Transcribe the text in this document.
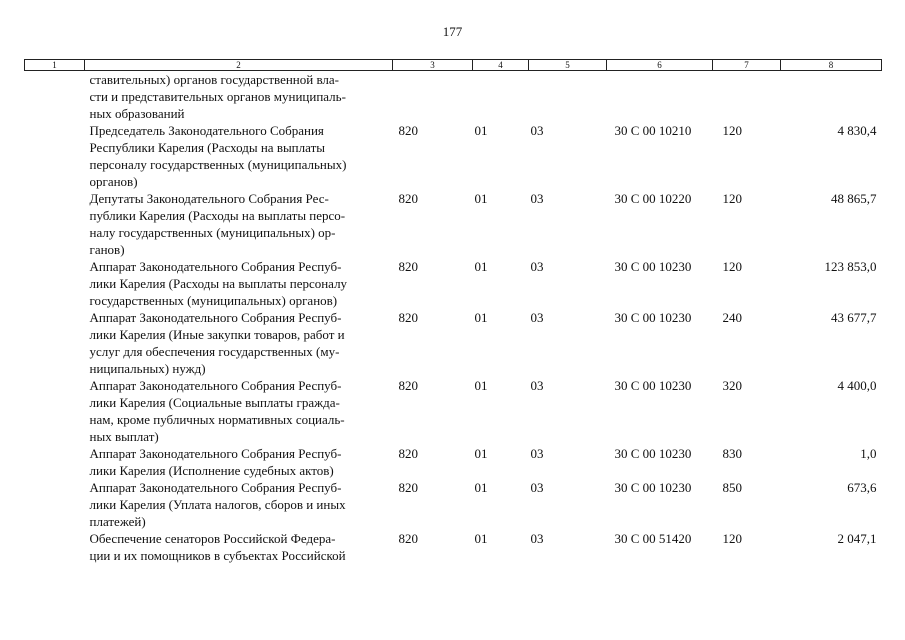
177
1	2	3	4	5	6	7	8

	ставительных) органов государственной вла-
сти и представительных органов муниципаль-
ных образований						

	Председатель Законодательного Собрания
Республики Карелия (Расходы на выплаты
персоналу государственных (муниципальных)
органов)	820	01	03	30 С 00 10210	120	4 830,4

	Депутаты Законодательного Собрания Рес-
публики Карелия (Расходы на выплаты персо-
налу государственных (муниципальных) ор-
ганов)	820	01	03	30 С 00 10220	120	48 865,7

	Аппарат Законодательного Собрания Респуб-
лики Карелия (Расходы на выплаты персоналу
государственных (муниципальных) органов)	820	01	03	30 С 00 10230	120	123 853,0

	Аппарат Законодательного Собрания Респуб-
лики Карелия (Иные закупки товаров, работ и
услуг для обеспечения государственных (му-
ниципальных) нужд)	820	01	03	30 С 00 10230	240	43 677,7

	Аппарат Законодательного Собрания Респуб-
лики Карелия (Социальные выплаты гражда-
нам, кроме публичных нормативных социаль-
ных выплат)	820	01	03	30 С 00 10230	320	4 400,0

	Аппарат Законодательного Собрания Респуб-
лики Карелия (Исполнение судебных актов)	820	01	03	30 С 00 10230	830	1,0

	Аппарат Законодательного Собрания Респуб-
лики Карелия (Уплата налогов, сборов и иных
платежей)	820	01	03	30 С 00 10230	850	673,6

	Обеспечение сенаторов Российской Федера-
ции и их помощников в субъектах Российской	820	01	03	30 С 00 51420	120	2 047,1
